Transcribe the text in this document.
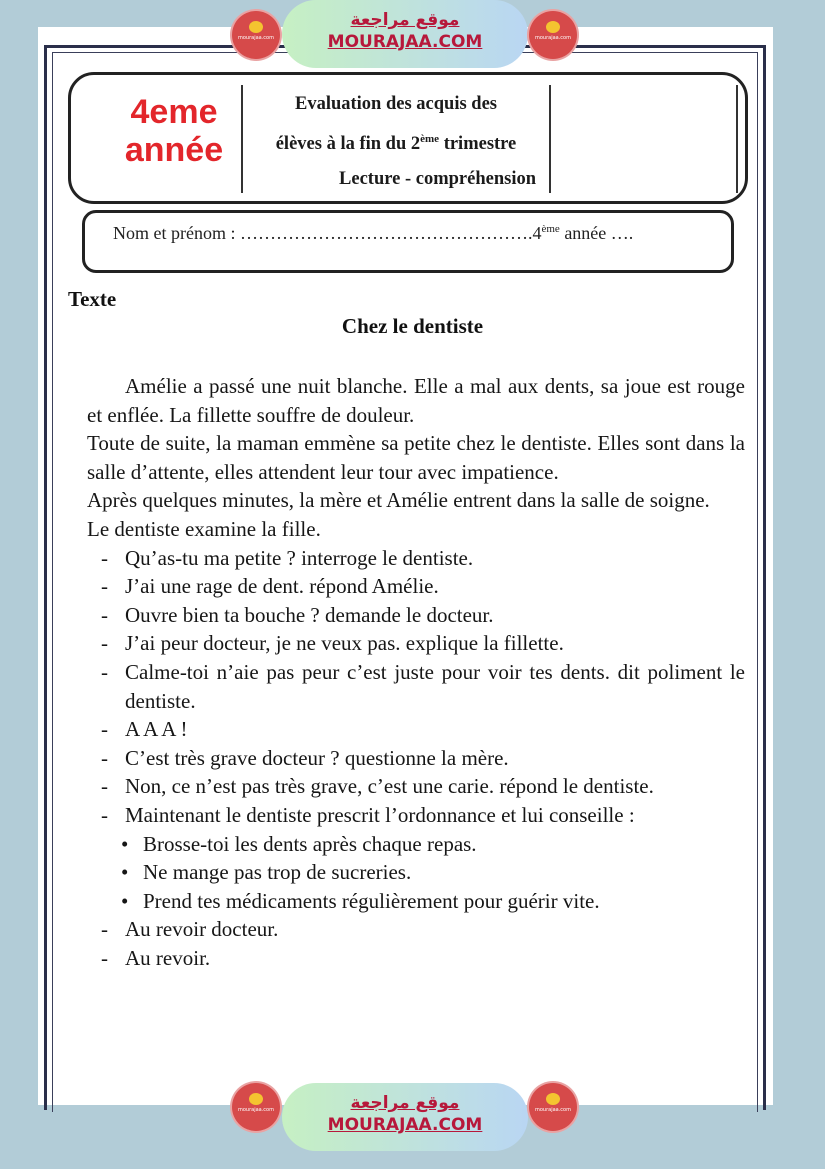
mourajaa.com
موقع مراجعة
MOURAJAA.COM	mourajaa.com
4eme
année
Evaluation des acquis des
élèves à la fin du 2ème trimestre
Lecture - compréhension
Nom et prénom : ………………………………………….4ème année ….
Texte
Chez le dentiste

Amélie a passé une nuit blanche. Elle a mal aux dents, sa joue est rouge et enflée. La fillette souffre de douleur.

Toute de suite, la maman emmène sa petite chez le dentiste. Elles sont dans la salle d’attente, elles attendent leur tour avec impatience.

Après quelques minutes, la mère et Amélie entrent dans la salle de soigne.

Le dentiste examine la fille.

- Qu’as-tu ma petite ? interroge le dentiste.
- J’ai une rage de dent. répond Amélie.
- Ouvre bien ta bouche ? demande le docteur.
- J’ai peur docteur, je ne veux pas. explique la fillette.
- Calme-toi n’aie pas peur c’est juste pour voir tes dents. dit poliment le dentiste.
- A A A !
- C’est très grave docteur ? questionne la mère.
- Non, ce n’est pas très grave, c’est une carie. répond le dentiste.
- Maintenant le dentiste prescrit l’ordonnance et lui conseille :
• Brosse-toi les dents après chaque repas.
• Ne mange pas trop de sucreries.
• Prend tes médicaments régulièrement pour guérir vite.
- Au revoir docteur.
- Au revoir.
mourajaa.com	موقع مراجعة
MOURAJAA.COM
mourajaa.com
